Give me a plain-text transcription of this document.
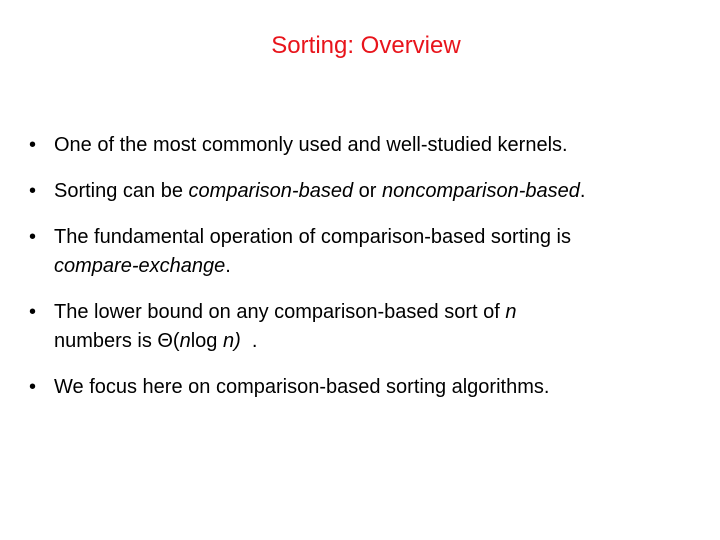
Sorting: Overview
• One of the most commonly used and well-studied kernels.
• Sorting can be comparison-based or noncomparison-based.
• The fundamental operation of comparison-based sorting is
compare-exchange.
• The lower bound on any comparison-based sort of n
numbers is Θ(nlog n)  .
• We focus here on comparison-based sorting algorithms.
